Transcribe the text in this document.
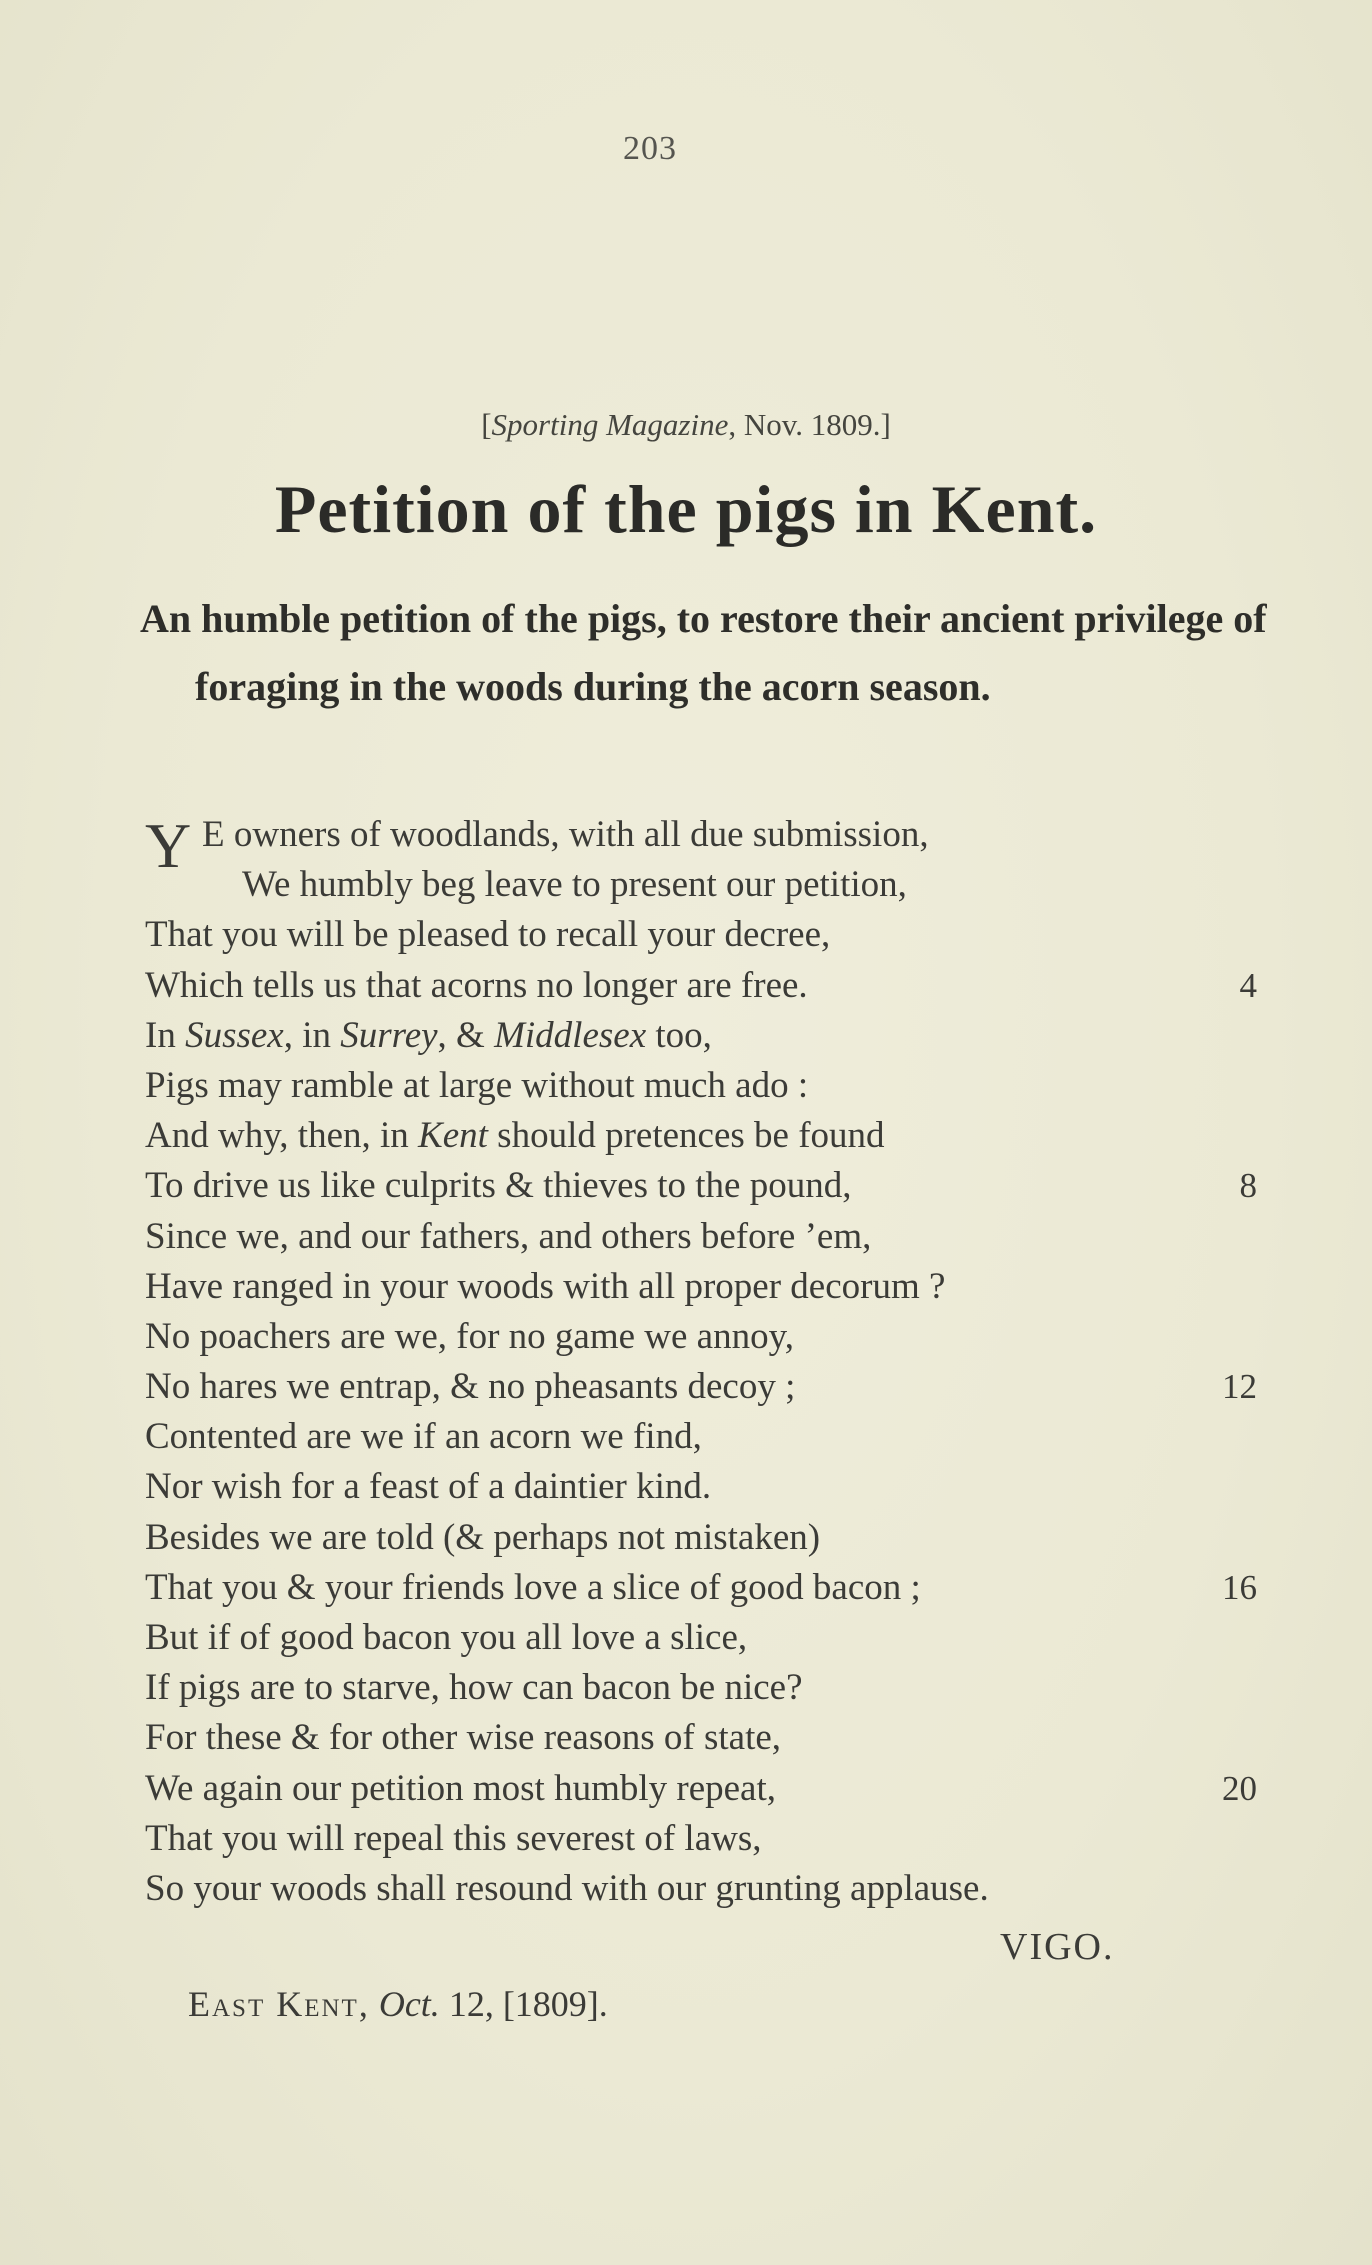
203
[Sporting Magazine, Nov. 1809.]
Petition of the pigs in Kent.
An humble petition of the pigs, to restore their ancient privilege of foraging in the woods during the acorn season.
Y E owners of woodlands, with all due submission,
We humbly beg leave to present our petition,
That you will be pleased to recall your decree,
Which tells us that acorns no longer are free.	4
In Sussex, in Surrey, & Middlesex too,
Pigs may ramble at large without much ado :
And why, then, in Kent should pretences be found
To drive us like culprits & thieves to the pound,	8
Since we, and our fathers, and others before ’em,
Have ranged in your woods with all proper decorum ?
No poachers are we, for no game we annoy,
No hares we entrap, & no pheasants decoy ;	12
Contented are we if an acorn we find,
Nor wish for a feast of a daintier kind.
Besides we are told (& perhaps not mistaken)
That you & your friends love a slice of good bacon ;	16
But if of good bacon you all love a slice,
If pigs are to starve, how can bacon be nice?
For these & for other wise reasons of state,
We again our petition most humbly repeat,	20
That you will repeal this severest of laws,
So your woods shall resound with our grunting applause.
VIGO.
East Kent, Oct. 12, [1809].
